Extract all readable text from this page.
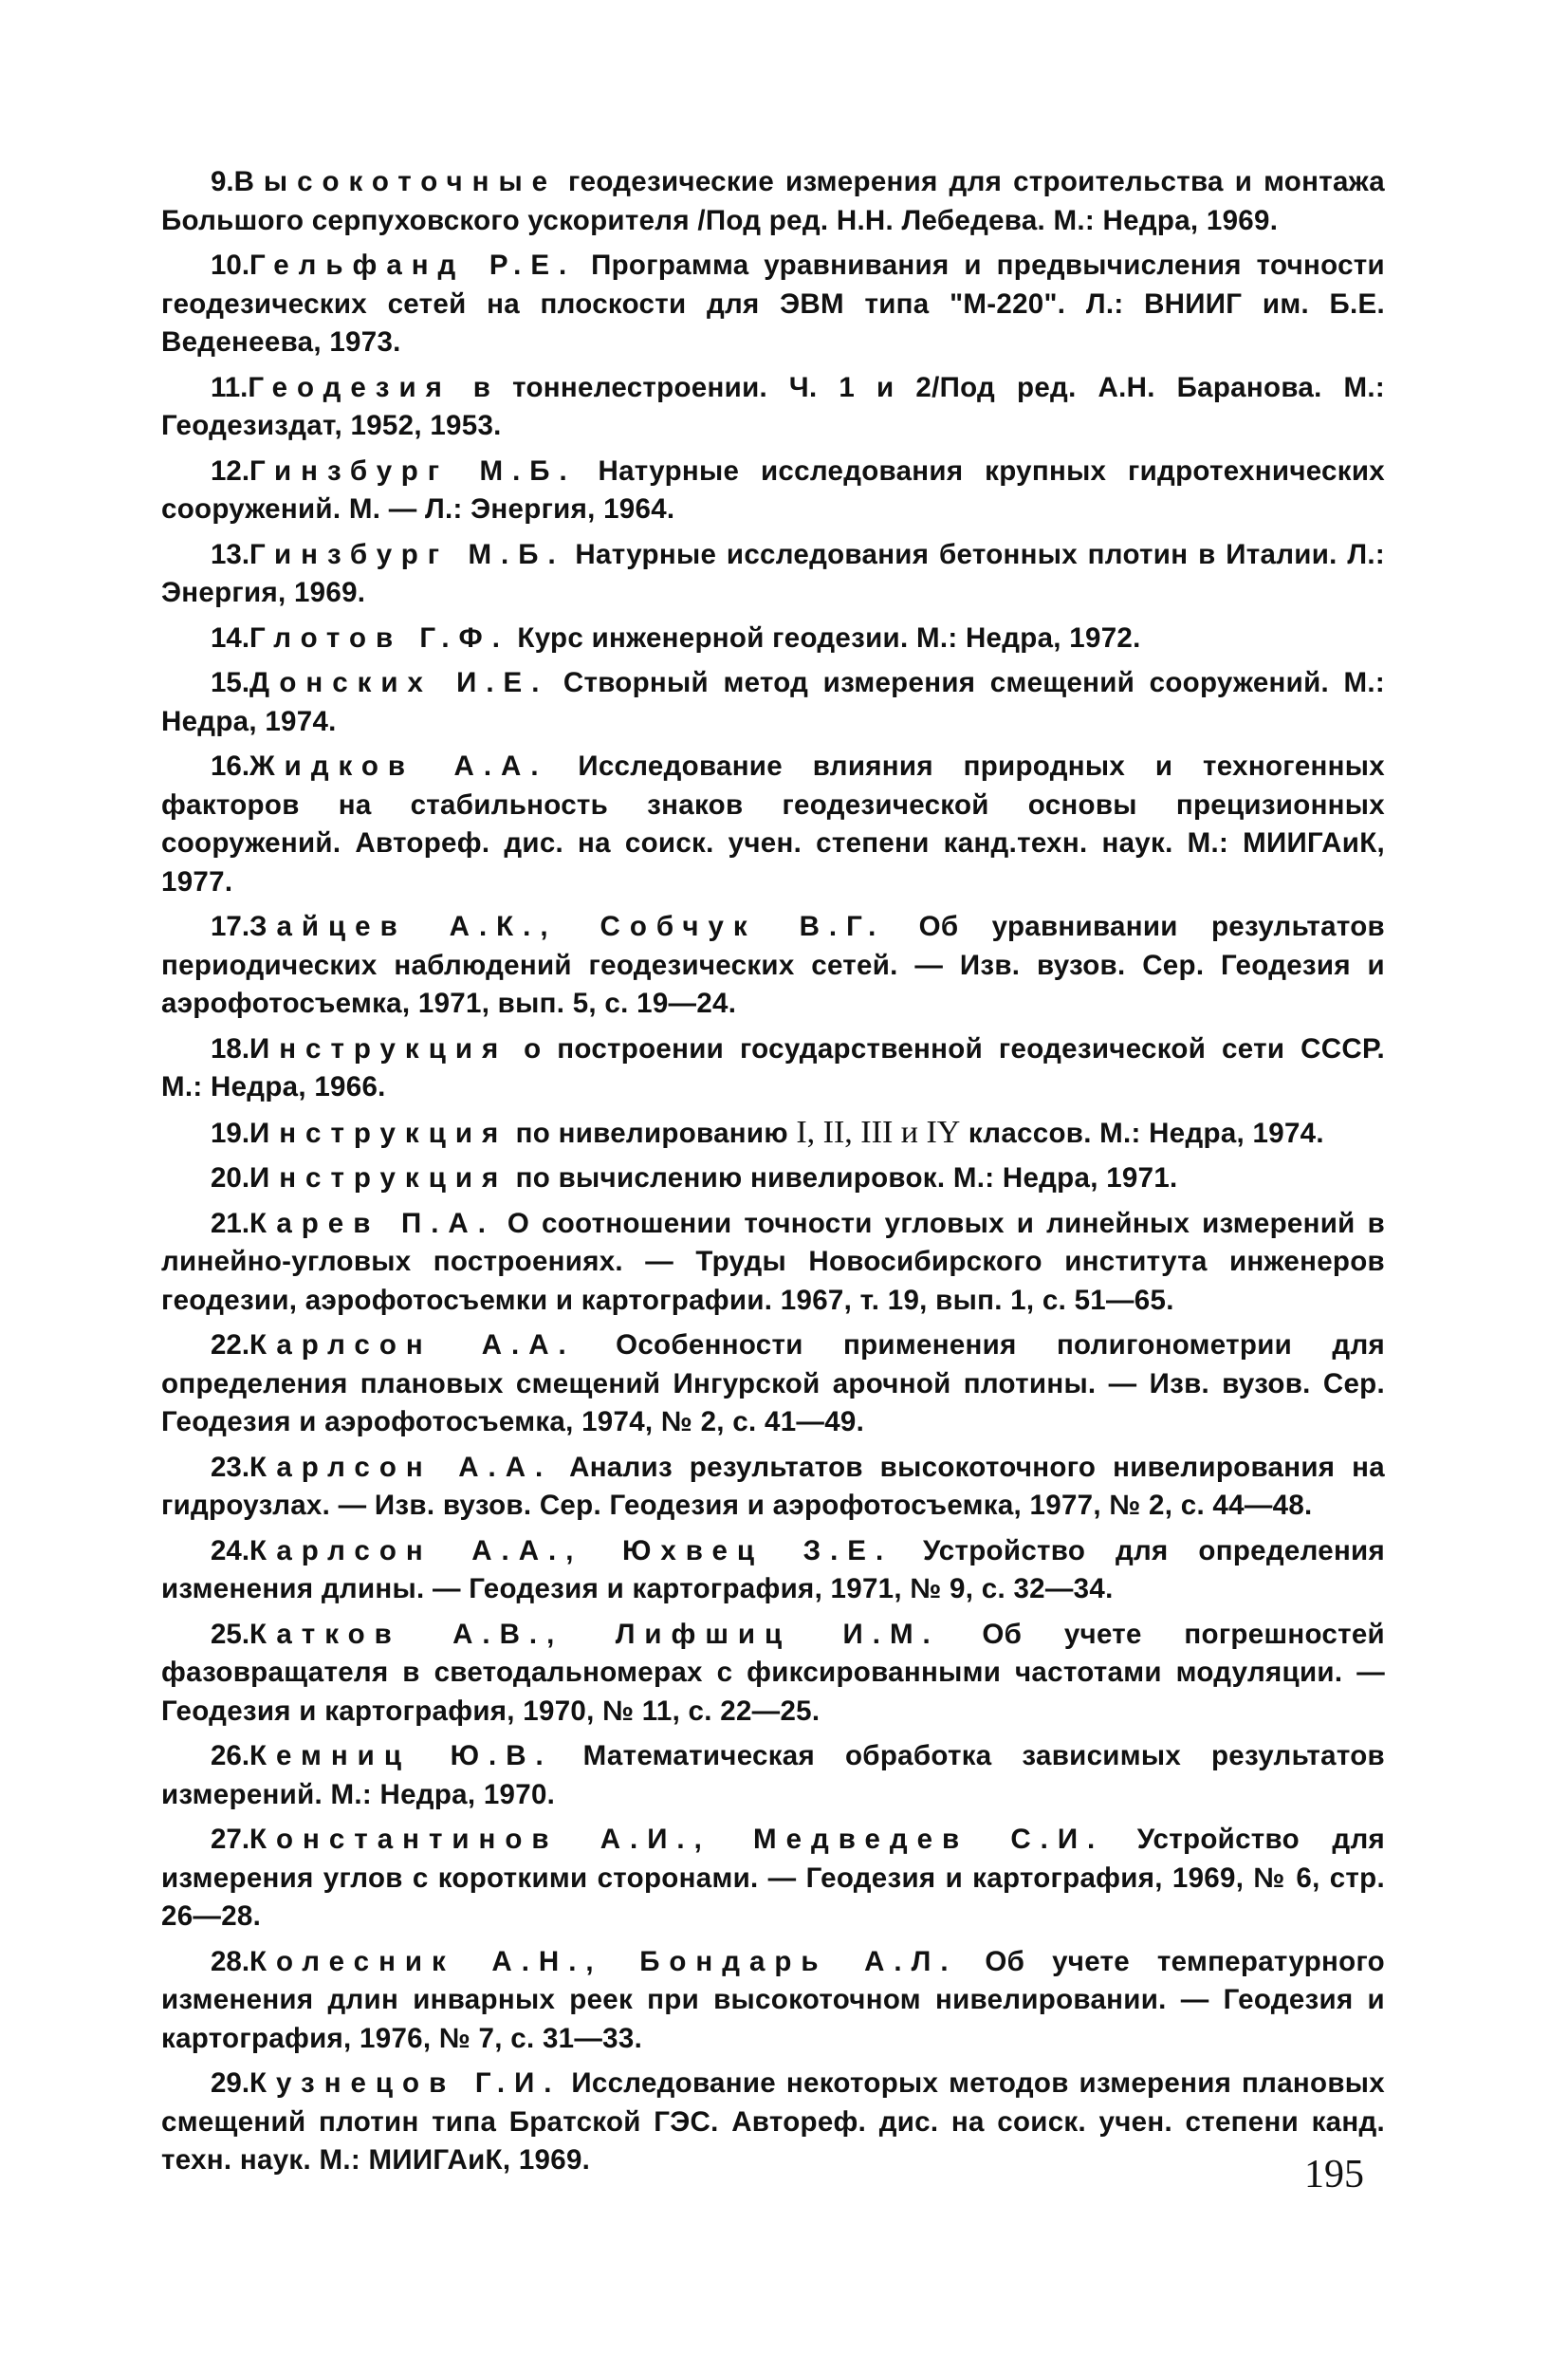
9.Высокоточные геодезические измерения для строительства и монтажа Большого серпуховского ускорителя /Под ред. Н.Н. Лебедева. М.: Недра, 1969.

10.Гельфанд Р.Е. Программа уравнивания и предвычисления точности геодезических сетей на плоскости для ЭВМ типа "М-220". Л.: ВНИИГ им. Б.Е. Веденеева, 1973.

11.Геодезия в тоннелестроении. Ч. 1 и 2/Под ред. А.Н. Баранова. М.: Геодезиздат, 1952, 1953.

12.Гинзбург М.Б. Натурные исследования крупных гидротехнических сооружений. М. — Л.: Энергия, 1964.

13.Гинзбург М.Б. Натурные исследования бетонных плотин в Италии. Л.: Энергия, 1969.

14.Глотов Г.Ф. Курс инженерной геодезии. М.: Недра, 1972.

15.Донских И.Е. Створный метод измерения смещений сооружений. М.: Недра, 1974.

16.Жидков А.А. Исследование влияния природных и техногенных факторов на стабильность знаков геодезической основы прецизионных сооружений. Автореф. дис. на соиск. учен. степени канд.техн. наук. М.: МИИГАиК, 1977.

17.Зайцев А.К., Собчук В.Г. Об уравнивании результатов периодических наблюдений геодезических сетей. — Изв. вузов. Сер. Геодезия и аэрофотосъемка, 1971, вып. 5, с. 19—24.

18.Инструкция о построении государственной геодезической сети СССР. М.: Недра, 1966.

19.Инструкция по нивелированию I, II, III и IY классов. М.: Недра, 1974.

20.Инструкция по вычислению нивелировок. М.: Недра, 1971.

21.Карев П.А. О соотношении точности угловых и линейных измерений в линейно-угловых построениях. — Труды Новосибирского института инженеров геодезии, аэрофотосъемки и картографии. 1967, т. 19, вып. 1, с. 51—65.

22.Карлсон А.А. Особенности применения полигонометрии для определения плановых смещений Ингурской арочной плотины. — Изв. вузов. Сер. Геодезия и аэрофотосъемка, 1974, № 2, с. 41—49.

23.Карлсон А.А. Анализ результатов высокоточного нивелирования на гидроузлах. — Изв. вузов. Сер. Геодезия и аэрофотосъемка, 1977, № 2, с. 44—48.

24.Карлсон А.А., Юхвец З.Е. Устройство для определения изменения длины. — Геодезия и картография, 1971, № 9, с. 32—34.

25.Катков А.В., Лифшиц И.М. Об учете погрешностей фазовращателя в светодальномерах с фиксированными частотами модуляции. — Геодезия и картография, 1970, № 11, с. 22—25.

26.Кемниц Ю.В. Математическая обработка зависимых результатов измерений. М.: Недра, 1970.

27.Константинов А.И., Медведев С.И. Устройство для измерения углов с короткими сторонами. — Геодезия и картография, 1969, № 6, стр. 26—28.

28.Колесник А.Н., Бондарь А.Л. Об учете температурного изменения длин инварных реек при высокоточном нивелировании. — Геодезия и картография, 1976, № 7, с. 31—33.

29.Кузнецов Г.И. Исследование некоторых методов измерения плановых смещений плотин типа Братской ГЭС. Автореф. дис. на соиск. учен. степени канд. техн. наук. М.: МИИГАиК, 1969.	195
